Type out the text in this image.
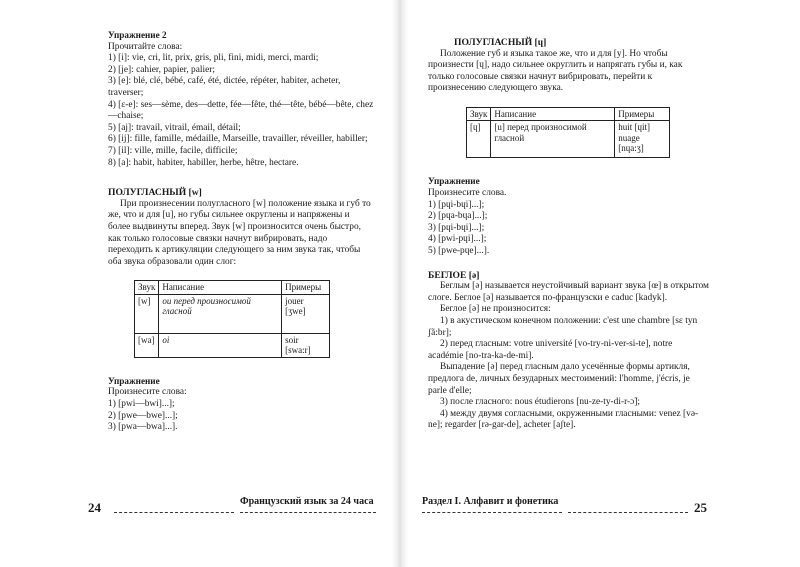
Упражнение 2

Прочитайте слова:

1) [i]: vie, cri, lit, prix, gris, pli, fini, midi, merci, mardi;

2) [je]: cahier, papier, palier;

3) [e]: blé, clé, bébé, café, été, dictée, répéter, habiter, acheter, traverser;

4) [ε-e]: ses—sème, des—dette, fée—fête, thé—tête, bébé—bête, chez—chaise;

5) [aj]: travail, vitrail, émail, détail;

6) [ij]: fille, famille, médaille, Marseille, travailler, réveiller, habiller;

7) [il]: ville, mille, facile, difficile;

8) [a]: habit, habiter, habiller, herbe, hêtre, hectare.

ПОЛУГЛАСНЫЙ [w]

При произнесении полугласного [w] положение языка и губ то же, что и для [u], но губы сильнее округлены и напряжены и более выдвинуты вперед. Звук [w] произносится очень быстро, как только голосовые связки начнут вибрировать, надо переходить к артикуляции следующего за ним звука так, чтобы оба звука образовали один слог:

Звук	Написание	Примеры
[w]	ou перед произносимой гласной	jouer [ʒwe]
[wa]	oi	soir [swa:r]
Упражнение

Произнесите слова:

1) [pwi—bwi]...];

2) [pwe—bwe]...];

3) [pwa—bwa]...].

24	Французский язык за 24 часа
ПОЛУГЛАСНЫЙ [ɥ]

Положение губ и языка такое же, что и для [y]. Но чтобы произнести [ɥ], надо сильнее округлить и напрягать губы и, как только голосовые связки начнут вибрировать, перейти к произнесению следующего звука.

Звук	Написание	Примеры
[ɥ]	[u] перед произносимой гласной	huit [ɥit]
nuage [nɥa:ʒ]
Упражнение

Произнесите слова.

1) [pɥi-bɥi]...];

2) [pɥa-bɥa]...];

3) [pɥi-bɥi]...];

4) [pwi-pɥi]...];

5) [pwe-pɥe]...].

БЕГЛОЕ [ə]

Беглым [ə] называется неустойчивый вариант звука [œ] в открытом слоге. Беглое [ə] называется по-французски e caduc [kadyk].

Беглое [ə] не произносится:

1) в акустическом конечном положении: c'est une chambre [sε tyn ʃã:br];

2) перед гласным: votre université [vo-try-ni-ver-si-te], notre académie [no-tra-ka-de-mi].

Выпадение [ə] перед гласным дало усечённые формы артикля, предлога de, личных безударных местоимений: l'homme, j'écris, je parle d'elle;

3) после гласного: nous étudierons [nu-ze-ty-di-r-ɔ̃];

4) между двумя согласными, окруженными гласными: venez [və-ne]; regarder [rə-gar-de], acheter [aʃte].

Раздел I. Алфавит и фонетика	25
